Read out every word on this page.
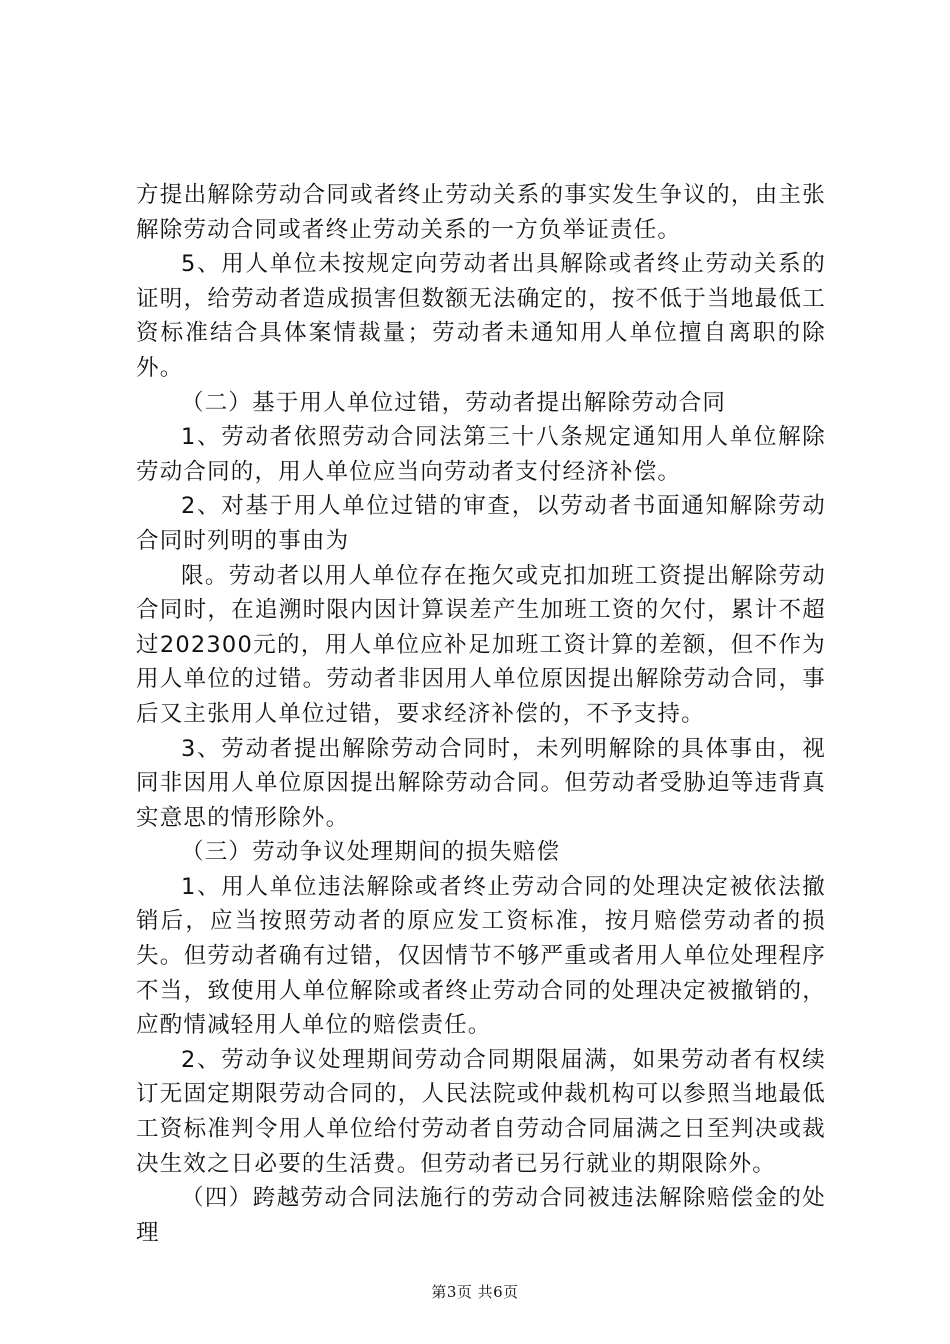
方提出解除劳动合同或者终止劳动关系的事实发生争议的，由主张解除劳动合同或者终止劳动关系的一方负举证责任。

5、用人单位未按规定向劳动者出具解除或者终止劳动关系的证明，给劳动者造成损害但数额无法确定的，按不低于当地最低工资标准结合具体案情裁量；劳动者未通知用人单位擅自离职的除外。

（二）基于用人单位过错，劳动者提出解除劳动合同

1、劳动者依照劳动合同法第三十八条规定通知用人单位解除劳动合同的，用人单位应当向劳动者支付经济补偿。

2、对基于用人单位过错的审查，以劳动者书面通知解除劳动合同时列明的事由为

限。劳动者以用人单位存在拖欠或克扣加班工资提出解除劳动合同时，在追溯时限内因计算误差产生加班工资的欠付，累计不超过202300元的，用人单位应补足加班工资计算的差额，但不作为用人单位的过错。劳动者非因用人单位原因提出解除劳动合同，事后又主张用人单位过错，要求经济补偿的，不予支持。

3、劳动者提出解除劳动合同时，未列明解除的具体事由，视同非因用人单位原因提出解除劳动合同。但劳动者受胁迫等违背真实意思的情形除外。

（三）劳动争议处理期间的损失赔偿

1、用人单位违法解除或者终止劳动合同的处理决定被依法撤销后，应当按照劳动者的原应发工资标准，按月赔偿劳动者的损失。但劳动者确有过错，仅因情节不够严重或者用人单位处理程序不当，致使用人单位解除或者终止劳动合同的处理决定被撤销的，应酌情减轻用人单位的赔偿责任。

2、劳动争议处理期间劳动合同期限届满，如果劳动者有权续订无固定期限劳动合同的，人民法院或仲裁机构可以参照当地最低工资标准判令用人单位给付劳动者自劳动合同届满之日至判决或裁决生效之日必要的生活费。但劳动者已另行就业的期限除外。

（四）跨越劳动合同法施行的劳动合同被违法解除赔偿金的处理

第3页 共6页
